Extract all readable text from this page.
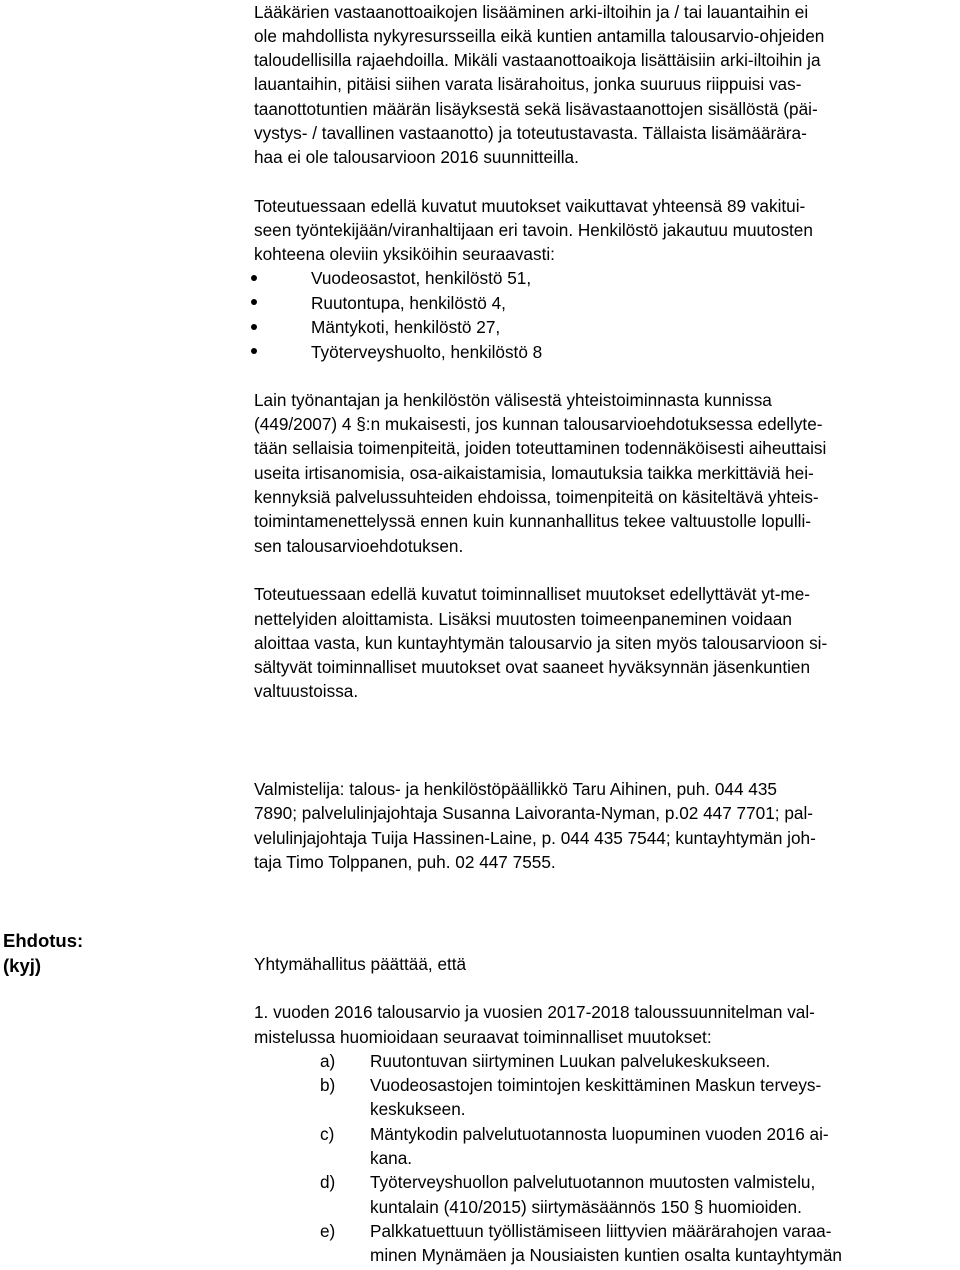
Lääkärien vastaanottoaikojen lisääminen arki-iltoihin ja / tai lauantaihin ei
ole mahdollista nykyresursseilla eikä kuntien antamilla talousarvio-ohjeiden
taloudellisilla rajaehdoilla. Mikäli vastaanottoaikoja lisättäisiin arki-iltoihin ja
lauantaihin, pitäisi siihen varata lisärahoitus, jonka suuruus riippuisi vas-
taanottotuntien määrän lisäyksestä sekä lisävastaanottojen sisällöstä (päi-
vystys- / tavallinen vastaanotto) ja toteutustavasta. Tällaista lisämäärära-
haa ei ole talousarvioon 2016 suunnitteilla.
Toteutuessaan edellä kuvatut muutokset vaikuttavat yhteensä 89 vakitui-
seen työntekijään/viranhaltijaan eri tavoin. Henkilöstö jakautuu muutosten
kohteena oleviin yksiköihin seuraavasti:
Vuodeosastot, henkilöstö 51,
Ruutontupa, henkilöstö 4,
Mäntykoti, henkilöstö 27,
Työterveyshuolto, henkilöstö 8
Lain työnantajan ja henkilöstön välisestä yhteistoiminnasta kunnissa
(449/2007) 4 §:n mukaisesti, jos kunnan talousarvioehdotuksessa edellyte-
tään sellaisia toimenpiteitä, joiden toteuttaminen todennäköisesti aiheuttaisi
useita irtisanomisia, osa-aikaistamisia, lomautuksia taikka merkittäviä hei-
kennyksiä palvelussuhteiden ehdoissa, toimenpiteitä on käsiteltävä yhteis-
toimintamenettelyssä ennen kuin kunnanhallitus tekee valtuustolle lopulli-
sen talousarvioehdotuksen.
Toteutuessaan edellä kuvatut toiminnalliset muutokset edellyttävät yt-me-
nettelyiden aloittamista. Lisäksi muutosten toimeenpaneminen voidaan
aloittaa vasta, kun kuntayhtymän talousarvio ja siten myös talousarvioon si-
sältyvät toiminnalliset muutokset ovat saaneet hyväksynnän jäsenkuntien
valtuustoissa.
Valmistelija: talous- ja henkilöstöpäällikkö Taru Aihinen, puh. 044 435
7890; palvelulinjajohtaja Susanna Laivoranta-Nyman, p.02 447 7701; pal-
velulinjajohtaja Tuija Hassinen-Laine, p. 044 435 7544; kuntayhtymän joh-
taja Timo Tolppanen, puh. 02 447 7555.
Ehdotus:
(kyj)	Yhtymähallitus päättää, että
1. vuoden 2016 talousarvio ja vuosien 2017-2018 taloussuunnitelman val-
mistelussa huomioidaan seuraavat toiminnalliset muutokset:
a) Ruutontuvan siirtyminen Luukan palvelukeskukseen.
b) Vuodeosastojen toimintojen keskittäminen Maskun terveys-
keskukseen.
c) Mäntykodin palvelutuotannosta luopuminen vuoden 2016 ai-
kana.
d) Työterveyshuollon palvelutuotannon muutosten valmistelu,
kuntalain (410/2015) siirtymäsäännös 150 § huomioiden.
e) Palkkatuettuun työllistämiseen liittyvien määrärahojen varaa-
minen Mynämäen ja Nousiaisten kuntien osalta kuntayhtymän
